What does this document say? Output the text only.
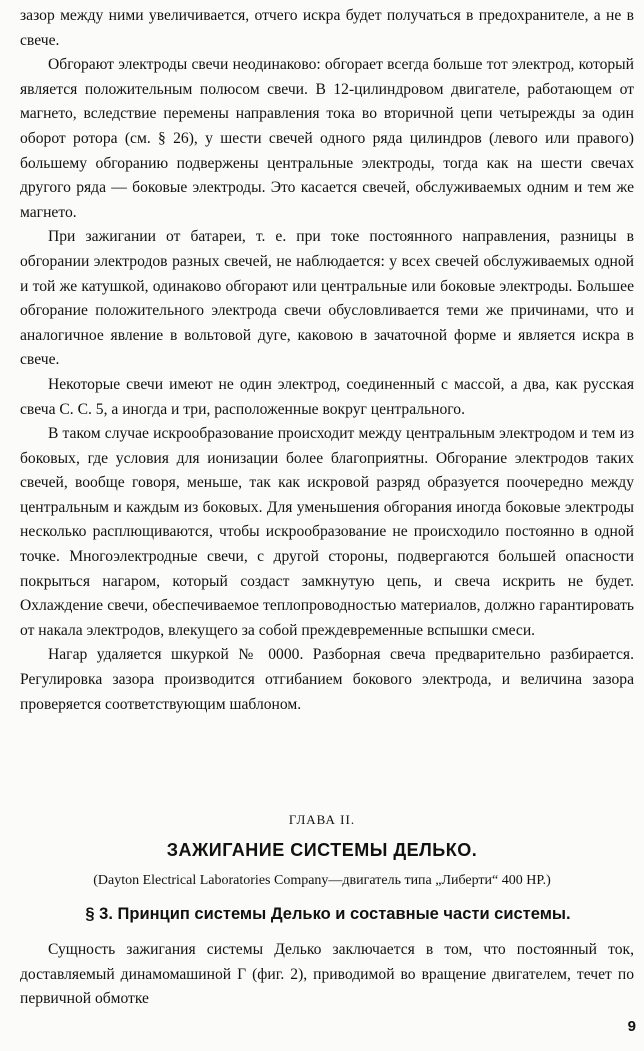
зазор между ними увеличивается, отчего искра будет получаться в предохранителе, а не в свече.

Обгорают электроды свечи неодинаково: обгорает всегда больше тот электрод, который является положительным полюсом свечи. В 12-цилиндровом двигателе, работающем от магнето, вследствие перемены направления тока во вторичной цепи четырежды за один оборот ротора (см. § 26), у шести свечей одного ряда цилиндров (левого или правого) большему обгоранию подвержены центральные электроды, тогда как на шести свечах другого ряда — боковые электроды. Это касается свечей, обслуживаемых одним и тем же магнето.

При зажигании от батареи, т. е. при токе постоянного направления, разницы в обгорании электродов разных свечей, не наблюдается: у всех свечей обслуживаемых одной и той же катушкой, одинаково обгорают или центральные или боковые электроды. Большее обгорание положительного электрода свечи обусловливается теми же причинами, что и аналогичное явление в вольтовой дуге, каковою в зачаточной форме и является искра в свече.

Некоторые свечи имеют не один электрод, соединенный с массой, а два, как русская свеча С. С. 5, а иногда и три, расположенные вокруг центрального.

В таком случае искрообразование происходит между центральным электродом и тем из боковых, где условия для ионизации более благоприятны. Обгорание электродов таких свечей, вообще говоря, меньше, так как искровой разряд образуется поочередно между центральным и каждым из боковых. Для уменьшения обгорания иногда боковые электроды несколько расплющиваются, чтобы искрообразование не происходило постоянно в одной точке. Многоэлектродные свечи, с другой стороны, подвергаются большей опасности покрыться нагаром, который создаст замкнутую цепь, и свеча искрить не будет. Охлаждение свечи, обеспечиваемое теплопроводностью материалов, должно гарантировать от накала электродов, влекущего за собой преждевременные вспышки смеси.

Нагар удаляется шкуркой № 0000. Разборная свеча предварительно разбирается. Регулировка зазора производится отгибанием бокового электрода, и величина зазора проверяется соответствующим шаблоном.

ГЛАВА II.
ЗАЖИГАНИЕ СИСТЕМЫ ДЕЛЬКО.
(Dayton Electrical Laboratories Company—двигатель типа „Либерти“ 400 HP.)
§ 3. Принцип системы Делько и составные части системы.

Сущность зажигания системы Делько заключается в том, что постоянный ток, доставляемый динамомашиной Г (фиг. 2), приводимой во вращение двигателем, течет по первичной обмотке

9
